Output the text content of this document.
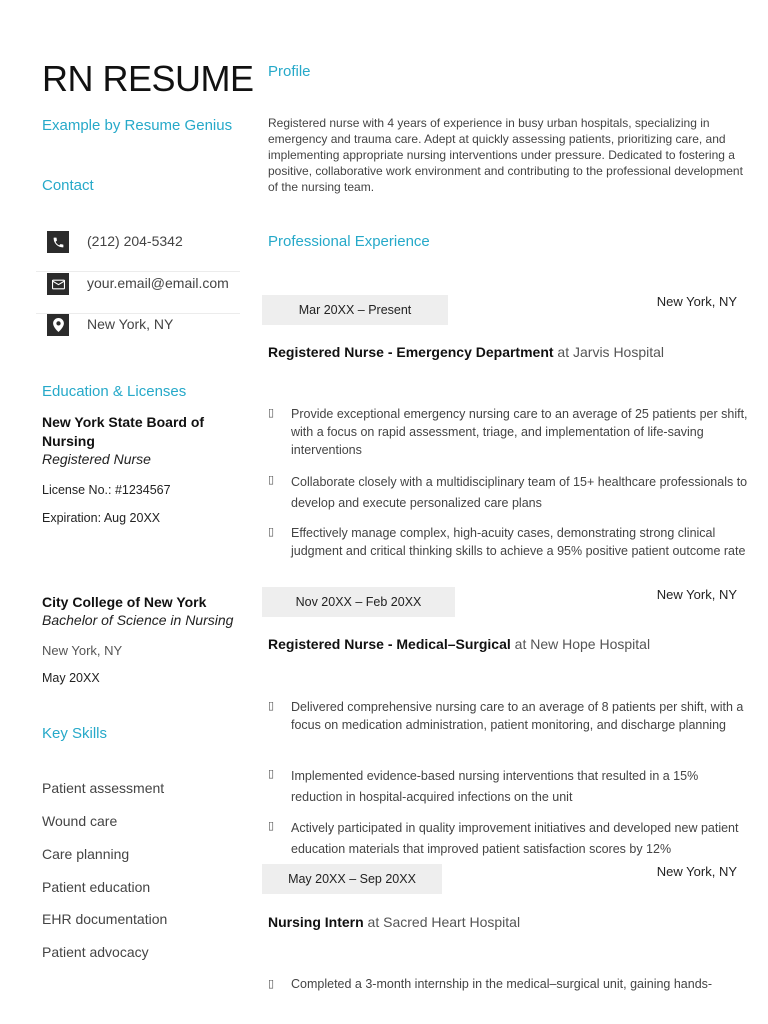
RN RESUME
Example by Resume Genius
Contact
(212) 204-5342
your.email@email.com
New York, NY
Education & Licenses
New York State Board of Nursing
Registered Nurse
License No.: #1234567
Expiration: Aug 20XX
City College of New York
Bachelor of Science in Nursing
New York, NY
May 20XX
Key Skills
Patient assessment
Wound care
Care planning
Patient education
EHR documentation
Patient advocacy
Profile
Registered nurse with 4 years of experience in busy urban hospitals, specializing in emergency and trauma care. Adept at quickly assessing patients, prioritizing care, and implementing appropriate nursing interventions under pressure. Dedicated to fostering a positive, collaborative work environment and contributing to the professional development of the nursing team.
Professional Experience
Mar 20XX – Present
New York, NY
Registered Nurse - Emergency Department at Jarvis Hospital
▯ Provide exceptional emergency nursing care to an average of 25 patients per shift, with a focus on rapid assessment, triage, and implementation of life-saving interventions
▯ Collaborate closely with a multidisciplinary team of 15+ healthcare professionals to develop and execute personalized care plans
▯ Effectively manage complex, high-acuity cases, demonstrating strong clinical judgment and critical thinking skills to achieve a 95% positive patient outcome rate
Nov 20XX – Feb 20XX	New York, NY
Registered Nurse - Medical–Surgical at New Hope Hospital
▯ Delivered comprehensive nursing care to an average of 8 patients per shift, with a focus on medication administration, patient monitoring, and discharge planning
▯ Implemented evidence-based nursing interventions that resulted in a 15% reduction in hospital-acquired infections on the unit
▯ Actively participated in quality improvement initiatives and developed new patient education materials that improved patient satisfaction scores by 12%
May 20XX – Sep 20XX	New York, NY
Nursing Intern at Sacred Heart Hospital
▯ Completed a 3-month internship in the medical–surgical unit, gaining hands-
